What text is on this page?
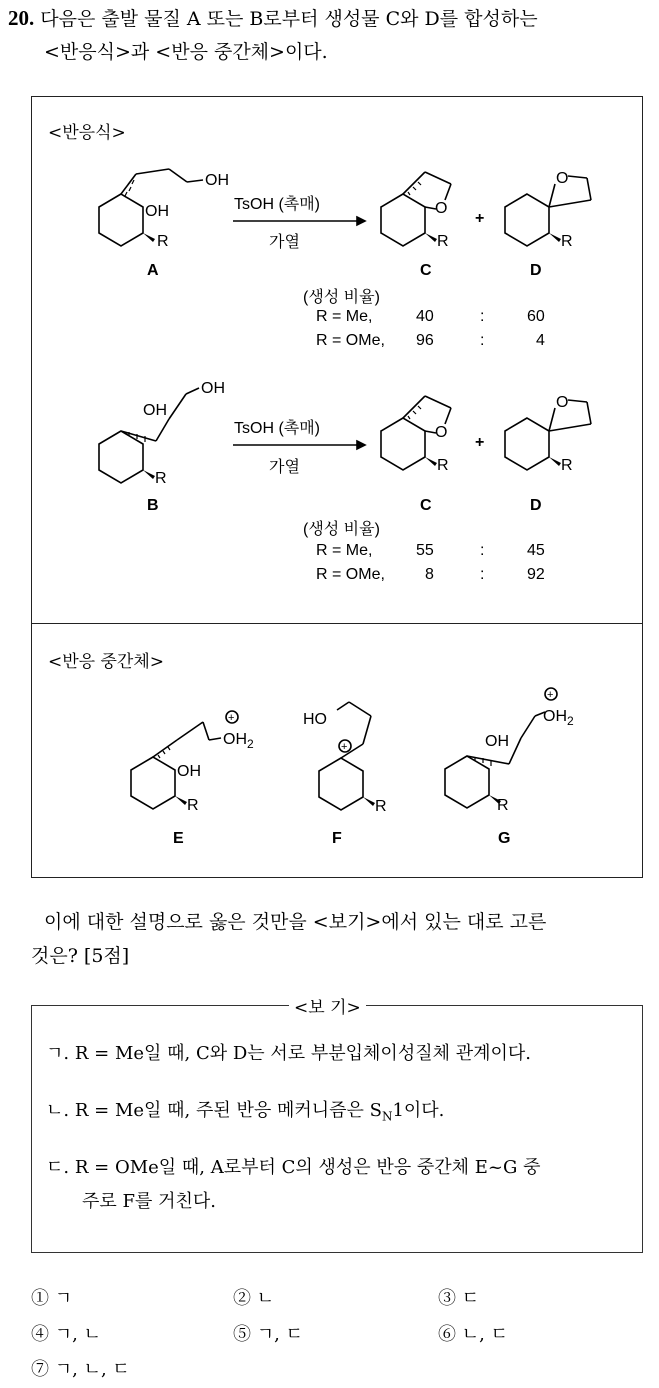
20. 다음은 출발 물질 A 또는 B로부터 생성물 C와 D를 합성하는
<반응식>과 <반응 중간체>이다.
<반응식>
OH
OH
R
O
R
O
R
OH
OH
R
O
R
O
R
TsOH (촉매)
가열
+
A	C	D
(생성 비율)
R = Me,	40	:	60
R = OMe, 96	:	4
TsOH (촉매)
가열
+
B	C	D
(생성 비율)
R = Me,	55	:	45
R = OMe,	8	:	92
<반응 중간체>
+
+
+
$OH_2$
OH
R
HO
R
$OH_2$
OH
R
E	F	G
이에 대한 설명으로 옳은 것만을 <보기>에서 있는 대로 고른
것은? [5점]
<보 기>
ㄱ. R = Me일 때, C와 D는 서로 부분입체이성질체 관계이다.
ㄴ. R = Me일 때, 주된 반응 메커니즘은 $S_N1$이다.
ㄷ. R = OMe일 때, A로부터 C의 생성은 반응 중간체 E~G 중
주로 F를 거친다.
① ㄱ	② ㄴ	③ ㄷ
④ ㄱ, ㄴ	⑤ ㄱ, ㄷ	⑥ ㄴ, ㄷ
⑦ ㄱ, ㄴ, ㄷ
